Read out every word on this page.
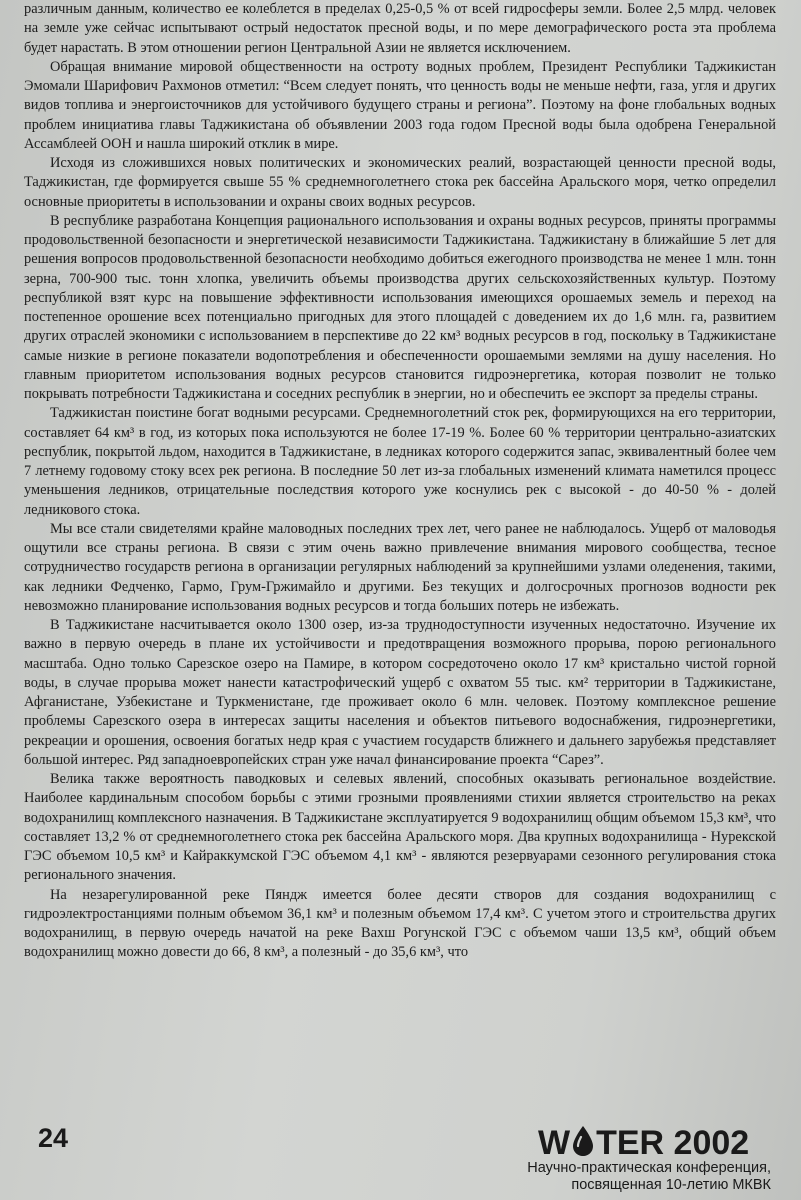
различным данным, количество ее колеблется в пределах 0,25-0,5 % от всей гидросферы земли. Более 2,5 млрд. человек на земле уже сейчас испытывают острый недостаток пресной воды, и по мере демографического роста эта проблема будет нарастать. В этом отношении регион Центральной Азии не является исключением.

Обращая внимание мировой общественности на остроту водных проблем, Президент Республики Таджикистан Эмомали Шарифович Рахмонов отметил: “Всем следует понять, что ценность воды не меньше нефти, газа, угля и других видов топлива и энергоисточников для устойчивого будущего страны и региона”. Поэтому на фоне глобальных водных проблем инициатива главы Таджикистана об объявлении 2003 года годом Пресной воды была одобрена Генеральной Ассамблеей ООН и нашла широкий отклик в мире.

Исходя из сложившихся новых политических и экономических реалий, возрастающей ценности пресной воды, Таджикистан, где формируется свыше 55 % среднемноголетнего стока рек бассейна Аральского моря, четко определил основные приоритеты в использовании и охраны своих водных ресурсов.

В республике разработана Концепция рационального использования и охраны водных ресурсов, приняты программы продовольственной безопасности и энергетической независимости Таджикистана. Таджикистану в ближайшие 5 лет для решения вопросов продовольственной безопасности необходимо добиться ежегодного производства не менее 1 млн. тонн зерна, 700-900 тыс. тонн хлопка, увеличить объемы производства других сельскохозяйственных культур. Поэтому республикой взят курс на повышение эффективности использования имеющихся орошаемых земель и переход на постепенное орошение всех потенциально пригодных для этого площадей с доведением их до 1,6 млн. га, развитием других отраслей экономики с использованием в перспективе до 22 км³ водных ресурсов в год, поскольку в Таджикистане самые низкие в регионе показатели водопотребления и обеспеченности орошаемыми землями на душу населения. Но главным приоритетом использования водных ресурсов становится гидроэнергетика, которая позволит не только покрывать потребности Таджикистана и соседних республик в энергии, но и обеспечить ее экспорт за пределы страны.

Таджикистан поистине богат водными ресурсами. Среднемноголетний сток рек, формирующихся на его территории, составляет 64 км³ в год, из которых пока используются не более 17-19 %. Более 60 % территории центрально-азиатских республик, покрытой льдом, находится в Таджикистане, в ледниках которого содержится запас, эквивалентный более чем 7 летнему годовому стоку всех рек региона. В последние 50 лет из-за глобальных изменений климата наметился процесс уменьшения ледников, отрицательные последствия которого уже коснулись рек с высокой - до 40-50 % - долей ледникового стока.

Мы все стали свидетелями крайне маловодных последних трех лет, чего ранее не наблюдалось. Ущерб от маловодья ощутили все страны региона. В связи с этим очень важно привлечение внимания мирового сообщества, тесное сотрудничество государств региона в организации регулярных наблюдений за крупнейшими узлами оледенения, такими, как ледники Федченко, Гармо, Грум-Гржимайло и другими. Без текущих и долгосрочных прогнозов водности рек невозможно планирование использования водных ресурсов и тогда больших потерь не избежать.

В Таджикистане насчитывается около 1300 озер, из-за труднодоступности изученных недостаточно. Изучение их важно в первую очередь в плане их устойчивости и предотвращения возможного прорыва, порою регионального масштаба. Одно только Сарезское озеро на Памире, в котором сосредоточено около 17 км³ кристально чистой горной воды, в случае прорыва может нанести катастрофический ущерб с охватом 55 тыс. км² территории в Таджикистане, Афганистане, Узбекистане и Туркменистане, где проживает около 6 млн. человек. Поэтому комплексное решение проблемы Сарезского озера в интересах защиты населения и объектов питьевого водоснабжения, гидроэнергетики, рекреации и орошения, освоения богатых недр края с участием государств ближнего и дальнего зарубежья представляет большой интерес. Ряд западноевропейских стран уже начал финансирование проекта “Сарез”.

Велика также вероятность паводковых и селевых явлений, способных оказывать региональное воздействие. Наиболее кардинальным способом борьбы с этими грозными проявлениями стихии является строительство на реках водохранилищ комплексного назначения. В Таджикистане эксплуатируется 9 водохранилищ общим объемом 15,3 км³, что составляет 13,2 % от среднемноголетнего стока рек бассейна Аральского моря. Два крупных водохранилища - Нурекской ГЭС объемом 10,5 км³ и Кайраккумской ГЭС объемом 4,1 км³ - являются резервуарами сезонного регулирования стока регионального значения.

На незарегулированной реке Пяндж имеется более десяти створов для создания водохранилищ с гидроэлектростанциями полным объемом 36,1 км³ и полезным объемом 17,4 км³. С учетом этого и строительства других водохранилищ, в первую очередь начатой на реке Вахш Рогунской ГЭС с объемом чаши 13,5 км³, общий объем водохранилищ можно довести до 66, 8 км³, а полезный - до 35,6 км³, что

24	W TER 2002
Научно-практическая конференция,
посвященная 10-летию МКВК
